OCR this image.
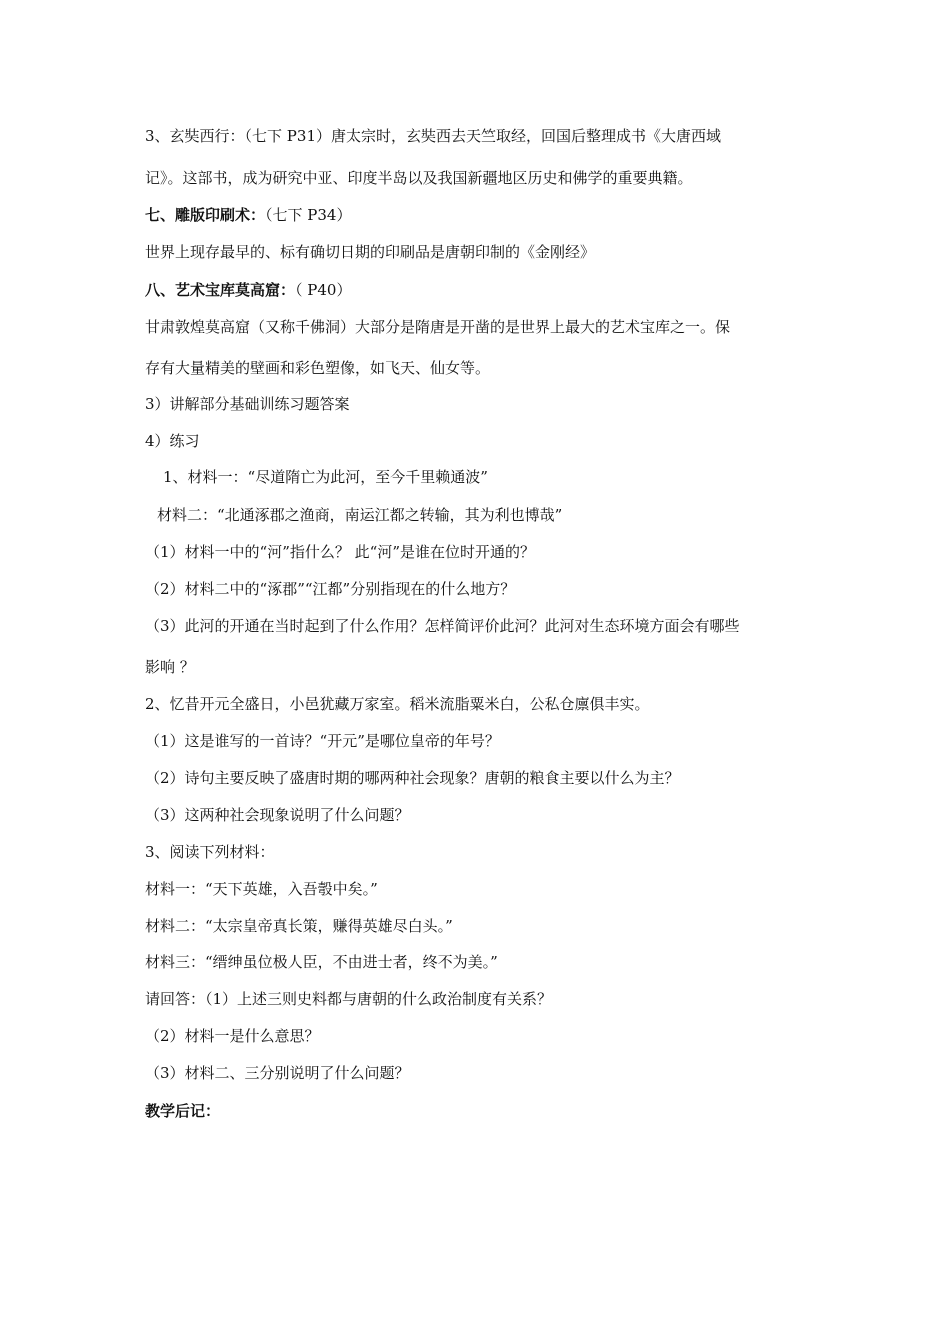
3、玄奘西行：（七下 P31）唐太宗时，玄奘西去天竺取经，回国后整理成书《大唐西域
记》。这部书，成为研究中亚、印度半岛以及我国新疆地区历史和佛学的重要典籍。
七、雕版印刷术：（七下 P34）
世界上现存最早的、标有确切日期的印刷品是唐朝印制的《金刚经》
八、艺术宝库莫高窟：（ P40）
甘肃敦煌莫高窟（又称千佛洞）大部分是隋唐是开凿的是世界上最大的艺术宝库之一。保
存有大量精美的壁画和彩色塑像，如飞天、仙女等。
3）讲解部分基础训练习题答案
4）练习
1、材料一：“尽道隋亡为此河，至今千里赖通波”
材料二：“北通涿郡之渔商，南运江都之转输，其为利也博哉”
（1）材料一中的“河”指什么？ 此“河”是谁在位时开通的？
（2）材料二中的“涿郡”“江都”分别指现在的什么地方？
（3）此河的开通在当时起到了什么作用？怎样简评价此河？此河对生态环境方面会有哪些
影响 ？
2、忆昔开元全盛日，小邑犹藏万家室。稻米流脂粟米白，公私仓廪俱丰实。
（1）这是谁写的一首诗？“开元”是哪位皇帝的年号？
（2）诗句主要反映了盛唐时期的哪两种社会现象？唐朝的粮食主要以什么为主？
（3）这两种社会现象说明了什么问题？
3、阅读下列材料：
材料一：“天下英雄，入吾彀中矣。”
材料二：“太宗皇帝真长策，赚得英雄尽白头。”
材料三：“缙绅虽位极人臣，不由进士者，终不为美。”
请回答：（1）上述三则史料都与唐朝的什么政治制度有关系？
（2）材料一是什么意思？
（3）材料二、三分别说明了什么问题？
教学后记：
